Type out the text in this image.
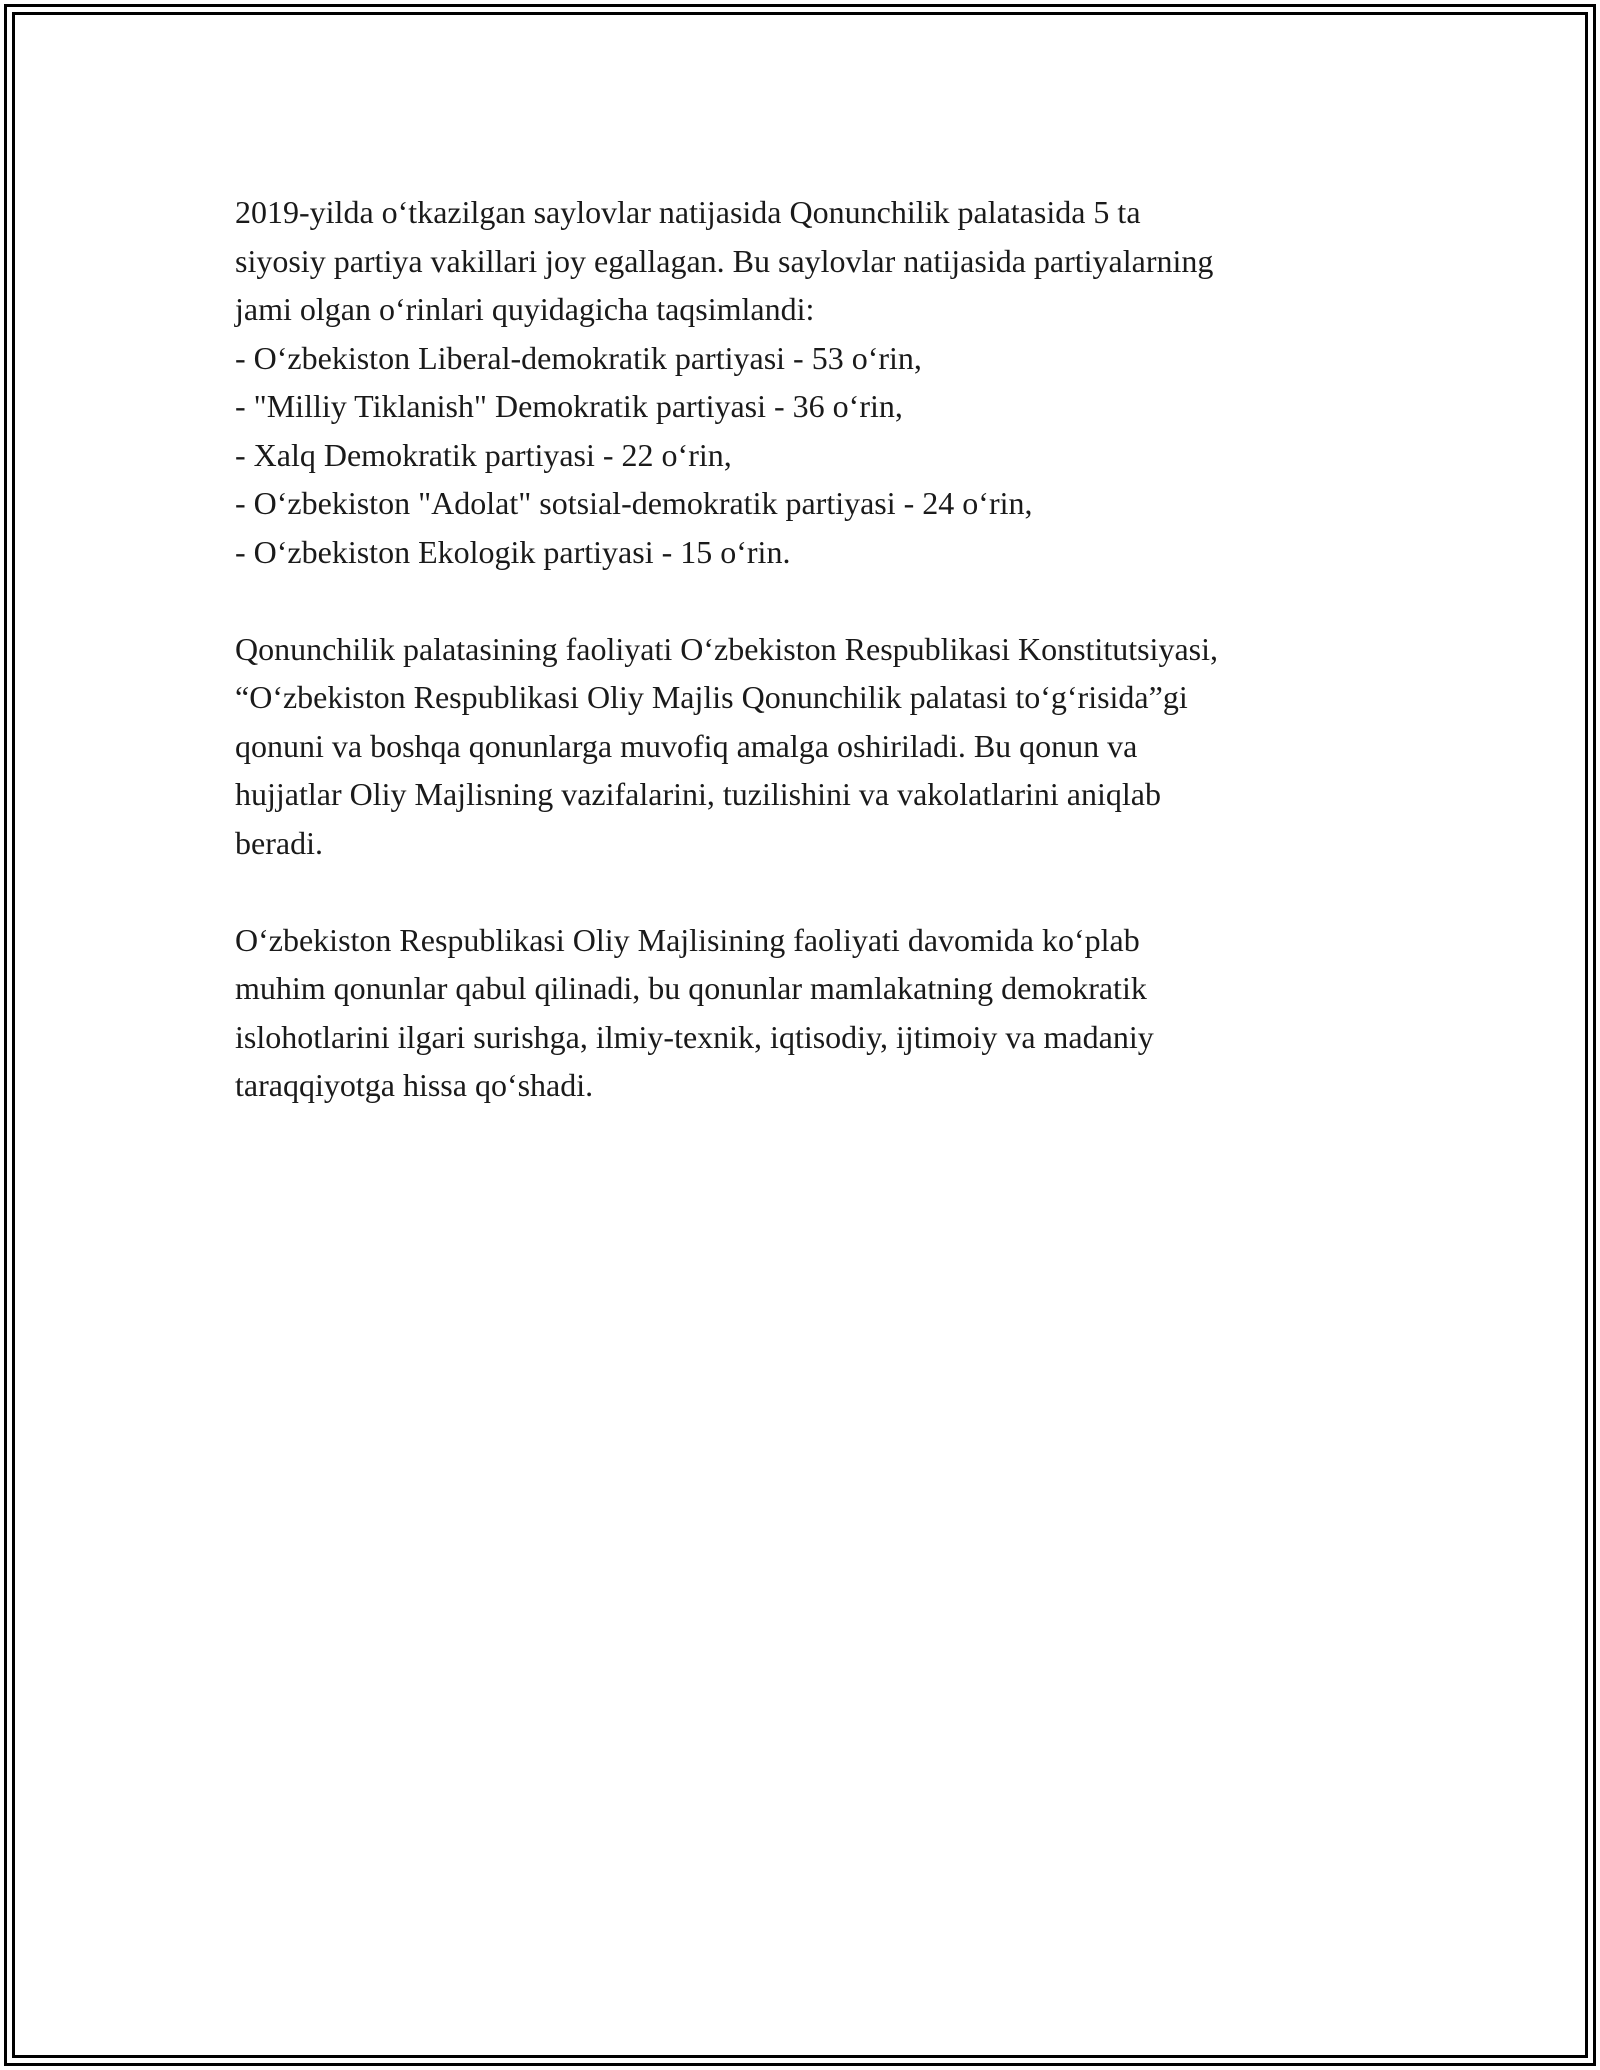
2019-yilda o‘tkazilgan saylovlar natijasida Qonunchilik palatasida 5 ta
siyosiy partiya vakillari joy egallagan. Bu saylovlar natijasida partiyalarning
jami olgan o‘rinlari quyidagicha taqsimlandi:
- O‘zbekiston Liberal-demokratik partiyasi - 53 o‘rin,
- "Milliy Tiklanish" Demokratik partiyasi - 36 o‘rin,
- Xalq Demokratik partiyasi - 22 o‘rin,
- O‘zbekiston "Adolat" sotsial-demokratik partiyasi - 24 o‘rin,
- O‘zbekiston Ekologik partiyasi - 15 o‘rin.

Qonunchilik palatasining faoliyati O‘zbekiston Respublikasi Konstitutsiyasi,
“O‘zbekiston Respublikasi Oliy Majlis Qonunchilik palatasi to‘g‘risida”gi
qonuni va boshqa qonunlarga muvofiq amalga oshiriladi. Bu qonun va
hujjatlar Oliy Majlisning vazifalarini, tuzilishini va vakolatlarini aniqlab
beradi.

O‘zbekiston Respublikasi Oliy Majlisining faoliyati davomida ko‘plab
muhim qonunlar qabul qilinadi, bu qonunlar mamlakatning demokratik
islohotlarini ilgari surishga, ilmiy-texnik, iqtisodiy, ijtimoiy va madaniy
taraqqiyotga hissa qo‘shadi.
